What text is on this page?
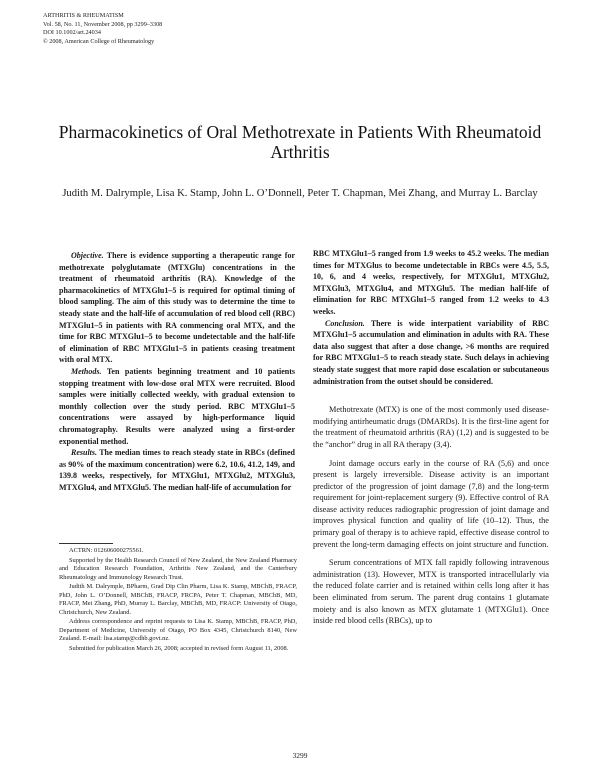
ARTHRITIS & RHEUMATISM
Vol. 58, No. 11, November 2008, pp 3299–3308
DOI 10.1002/art.24034
© 2008, American College of Rheumatology
Pharmacokinetics of Oral Methotrexate in Patients With Rheumatoid Arthritis
Judith M. Dalrymple, Lisa K. Stamp, John L. O’Donnell, Peter T. Chapman, Mei Zhang, and Murray L. Barclay

Objective. There is evidence supporting a therapeutic range for methotrexate polyglutamate (MTXGlu) concentrations in the treatment of rheumatoid arthritis (RA). Knowledge of the pharmacokinetics of MTXGlu1–5 is required for optimal timing of blood sampling. The aim of this study was to determine the time to steady state and the half-life of accumulation of red blood cell (RBC) MTXGlu1–5 in patients with RA commencing oral MTX, and the time for RBC MTXGlu1–5 to become undetectable and the half-life of elimination of RBC MTXGlu1–5 in patients ceasing treatment with oral MTX.

Methods. Ten patients beginning treatment and 10 patients stopping treatment with low-dose oral MTX were recruited. Blood samples were initially collected weekly, with gradual extension to monthly collection over the study period. RBC MTXGlu1–5 concentrations were assayed by high-performance liquid chromatography. Results were analyzed using a first-order exponential method.

Results. The median times to reach steady state in RBCs (defined as 90% of the maximum concentration) were 6.2, 10.6, 41.2, 149, and 139.8 weeks, respectively, for MTXGlu1, MTXGlu2, MTXGlu3, MTXGlu4, and MTXGlu5. The median half-life of accumulation for

ACTRN: 012606000275561.

Supported by the Health Research Council of New Zealand, the New Zealand Pharmacy and Education Research Foundation, Arthritis New Zealand, and the Canterbury Rheumatology and Immunology Research Trust.

Judith M. Dalrymple, BPharm, Grad Dip Clin Pharm, Lisa K. Stamp, MBChB, FRACP, PhD, John L. O’Donnell, MBChB, FRACP, FRCPA, Peter T. Chapman, MBChB, MD, FRACP, Mei Zhang, PhD, Murray L. Barclay, MBChB, MD, FRACP: University of Otago, Christchurch, New Zealand.

Address correspondence and reprint requests to Lisa K. Stamp, MBChB, FRACP, PhD, Department of Medicine, University of Otago, PO Box 4345, Christchurch 8140, New Zealand. E-mail: lisa.stamp@cdhb.govt.nz.

Submitted for publication March 26, 2008; accepted in revised form August 11, 2008.

RBC MTXGlu1–5 ranged from 1.9 weeks to 45.2 weeks. The median times for MTXGlus to become undetectable in RBCs were 4.5, 5.5, 10, 6, and 4 weeks, respectively, for MTXGlu1, MTXGlu2, MTXGlu3, MTXGlu4, and MTXGlu5. The median half-life of elimination for RBC MTXGlu1–5 ranged from 1.2 weeks to 4.3 weeks.

Conclusion. There is wide interpatient variability of RBC MTXGlu1–5 accumulation and elimination in adults with RA. These data also suggest that after a dose change, >6 months are required for RBC MTXGlu1–5 to reach steady state. Such delays in achieving steady state suggest that more rapid dose escalation or subcutaneous administration from the outset should be considered.

Methotrexate (MTX) is one of the most commonly used disease-modifying antirheumatic drugs (DMARDs). It is the first-line agent for the treatment of rheumatoid arthritis (RA) (1,2) and is suggested to be the “anchor” drug in all RA therapy (3,4).

Joint damage occurs early in the course of RA (5,6) and once present is largely irreversible. Disease activity is an important predictor of the progression of joint damage (7,8) and the long-term requirement for joint-replacement surgery (9). Effective control of RA disease activity reduces radiographic progression of joint damage and improves physical function and quality of life (10–12). Thus, the primary goal of therapy is to achieve rapid, effective disease control to prevent the long-term damaging effects on joint structure and function.

Serum concentrations of MTX fall rapidly following intravenous administration (13). However, MTX is transported intracellularly via the reduced folate carrier and is retained within cells long after it has been eliminated from serum. The parent drug contains 1 glutamate moiety and is also known as MTX glutamate 1 (MTXGlu1). Once inside red blood cells (RBCs), up to

3299
